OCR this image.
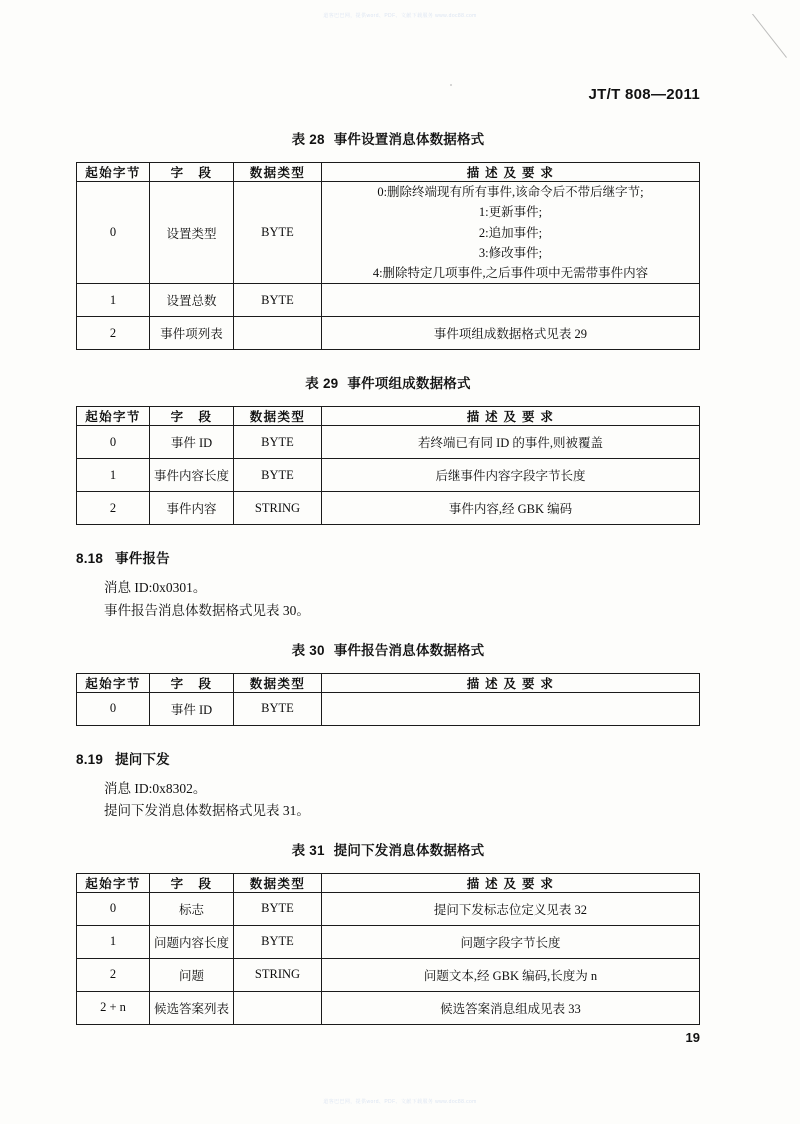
道客巴巴网，提供word、PDF、文献下载服务 www.doc88.com
JT/T 808—2011
表 28 事件设置消息体数据格式
起始字节	字　段	数据类型	描 述 及 要 求
0	设置类型	BYTE	0:删除终端现有所有事件,该命令后不带后继字节;
1:更新事件;
2:追加事件;
3:修改事件;
4:删除特定几项事件,之后事件项中无需带事件内容

1	设置总数	BYTE	

2	事件项列表		事件项组成数据格式见表 29
表 29 事件项组成数据格式
起始字节	字　段	数据类型	描 述 及 要 求

0	事件 ID	BYTE	若终端已有同 ID 的事件,则被覆盖

1	事件内容长度	BYTE	后继事件内容字段字节长度

2	事件内容	STRING	事件内容,经 GBK 编码
8.18 事件报告
消息 ID:0x0301。
事件报告消息体数据格式见表 30。
表 30 事件报告消息体数据格式
起始字节	字　段	数据类型	描 述 及 要 求

0	事件 ID	BYTE	

8.19 提问下发
消息 ID:0x8302。
提问下发消息体数据格式见表 31。
表 31 提问下发消息体数据格式
起始字节	字　段	数据类型	描 述 及 要 求

0	标志	BYTE	提问下发标志位定义见表 32

1	问题内容长度	BYTE	问题字段字节长度

2	问题	STRING	问题文本,经 GBK 编码,长度为 n

2 + n	候选答案列表		候选答案消息组成见表 33
19
道客巴巴网，提供word、PDF、文献下载服务 www.doc88.com
